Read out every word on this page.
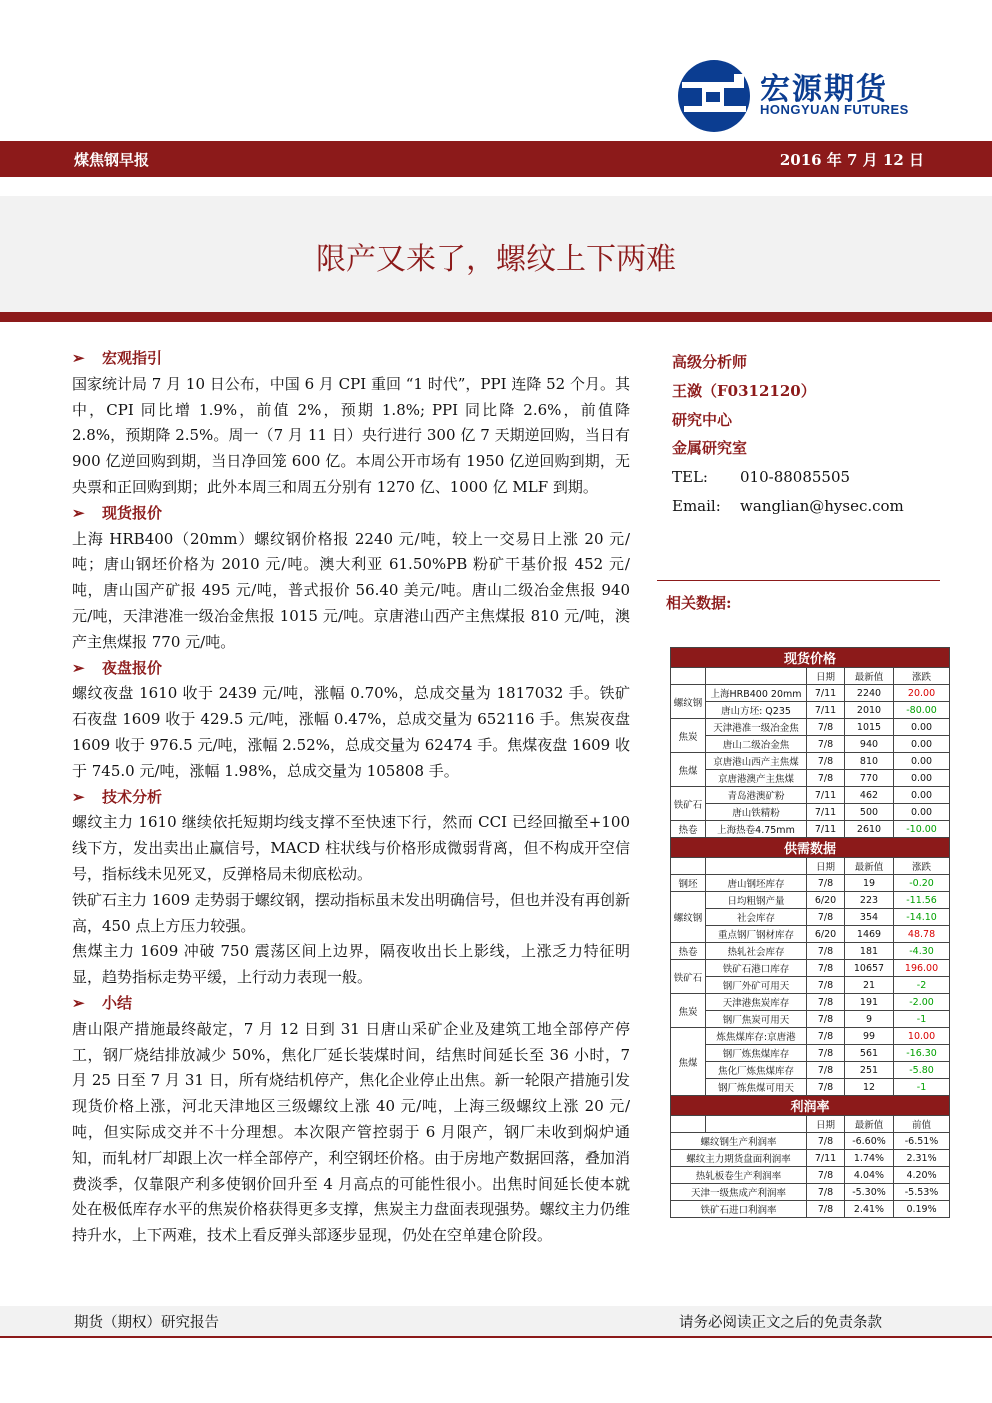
宏源期货
HONGYUAN FUTURES
煤焦钢早报	2016 年 7 月 12 日
限产又来了，螺纹上下两难

➢ 宏观指引

国家统计局 7 月 10 日公布，中国 6 月 CPI 重回 “1 时代”，PPI 连降 52 个月。其中，CPI 同比增 1.9%，前值 2%，预期 1.8%; PPI 同比降 2.6%，前值降 2.8%，预期降 2.5%。周一（7 月 11 日）央行进行 300 亿 7 天期逆回购，当日有 900 亿逆回购到期，当日净回笼 600 亿。本周公开市场有 1950 亿逆回购到期，无央票和正回购到期；此外本周三和周五分别有 1270 亿、1000 亿 MLF 到期。

➢ 现货报价

上海 HRB400（20mm）螺纹钢价格报 2240 元/吨，较上一交易日上涨 20 元/吨；唐山钢坯价格为 2010 元/吨。澳大利亚 61.50%PB 粉矿干基价报 452 元/吨，唐山国产矿报 495 元/吨，普式报价 56.40 美元/吨。唐山二级冶金焦报 940 元/吨，天津港准一级冶金焦报 1015 元/吨。京唐港山西产主焦煤报 810 元/吨，澳产主焦煤报 770 元/吨。

➢ 夜盘报价

螺纹夜盘 1610 收于 2439 元/吨，涨幅 0.70%，总成交量为 1817032 手。铁矿石夜盘 1609 收于 429.5 元/吨，涨幅 0.47%，总成交量为 652116 手。焦炭夜盘 1609 收于 976.5 元/吨，涨幅 2.52%，总成交量为 62474 手。焦煤夜盘 1609 收于 745.0 元/吨，涨幅 1.98%，总成交量为 105808 手。

➢ 技术分析

螺纹主力 1610 继续依托短期均线支撑不至快速下行，然而 CCI 已经回撤至+100 线下方，发出卖出止赢信号，MACD 柱状线与价格形成微弱背离，但不构成开空信号，指标线未见死叉，反弹格局未彻底松动。

铁矿石主力 1609 走势弱于螺纹钢，摆动指标虽未发出明确信号，但也并没有再创新高，450 点上方压力较强。

焦煤主力 1609 冲破 750 震荡区间上边界，隔夜收出长上影线，上涨乏力特征明显，趋势指标走势平缓，上行动力表现一般。

➢ 小结

唐山限产措施最终敲定，7 月 12 日到 31 日唐山采矿企业及建筑工地全部停产停工，钢厂烧结排放减少 50%，焦化厂延长装煤时间，结焦时间延长至 36 小时，7 月 25 日至 7 月 31 日，所有烧结机停产，焦化企业停止出焦。新一轮限产措施引发现货价格上涨，河北天津地区三级螺纹上涨 40 元/吨，上海三级螺纹上涨 20 元/吨，但实际成交并不十分理想。本次限产管控弱于 6 月限产，钢厂未收到焖炉通知，而轧材厂却跟上次一样全部停产，利空钢坯价格。由于房地产数据回落，叠加消费淡季，仅靠限产利多使钢价回升至 4 月高点的可能性很小。出焦时间延长使本就处在极低库存水平的焦炭价格获得更多支撑，焦炭主力盘面表现强势。螺纹主力仍维持升水，上下两难，技术上看反弹头部逐步显现，仍处在空单建仓阶段。

高级分析师

王潋（F0312120）

研究中心

金属研究室

TEL: 010-88085505

Email: wanglian@hysec.com

相关数据:
现货价格				
		日期	最新值	涨跌
螺纹钢	上海HRB400 20mm	7/11	2240	20.00
	唐山方坯: Q235	7/11	2010	-80.00
焦炭	天津港准一级冶金焦	7/8	1015	0.00
	唐山二级冶金焦	7/8	940	0.00
焦煤	京唐港山西产主焦煤	7/8	810	0.00
	京唐港澳产主焦煤	7/8	770	0.00
铁矿石	青岛港澳矿粉	7/11	462	0.00
	唐山铁精粉	7/11	500	0.00
热卷	上海热卷4.75mm	7/11	2610	-10.00
供需数据				
		日期	最新值	涨跌
钢坯	唐山钢坯库存	7/8	19	-0.20
螺纹钢	日均粗钢产量	6/20	223	-11.56
	社会库存	7/8	354	-14.10
	重点钢厂钢材库存	6/20	1469	48.78
热卷	热轧社会库存	7/8	181	-4.30
铁矿石	铁矿石港口库存	7/8	10657	196.00
	钢厂外矿可用天	7/8	21	-2
焦炭	天津港焦炭库存	7/8	191	-2.00
	钢厂焦炭可用天	7/8	9	-1
焦煤	炼焦煤库存:京唐港	7/8	99	10.00
	钢厂炼焦煤库存	7/8	561	-16.30
	焦化厂炼焦煤库存	7/8	251	-5.80
	钢厂炼焦煤可用天	7/8	12	-1
利润率				
		日期	最新值	前值
螺纹钢生产利润率		7/8	-6.60%	-6.51%
螺纹主力期货盘面利润率		7/11	1.74%	2.31%
热轧板卷生产利润率		7/8	4.04%	4.20%
天津一级焦成产利润率		7/8	-5.30%	-5.53%
铁矿石进口利润率		7/8	2.41%	0.19%
期货（期权）研究报告	请务必阅读正文之后的免责条款
